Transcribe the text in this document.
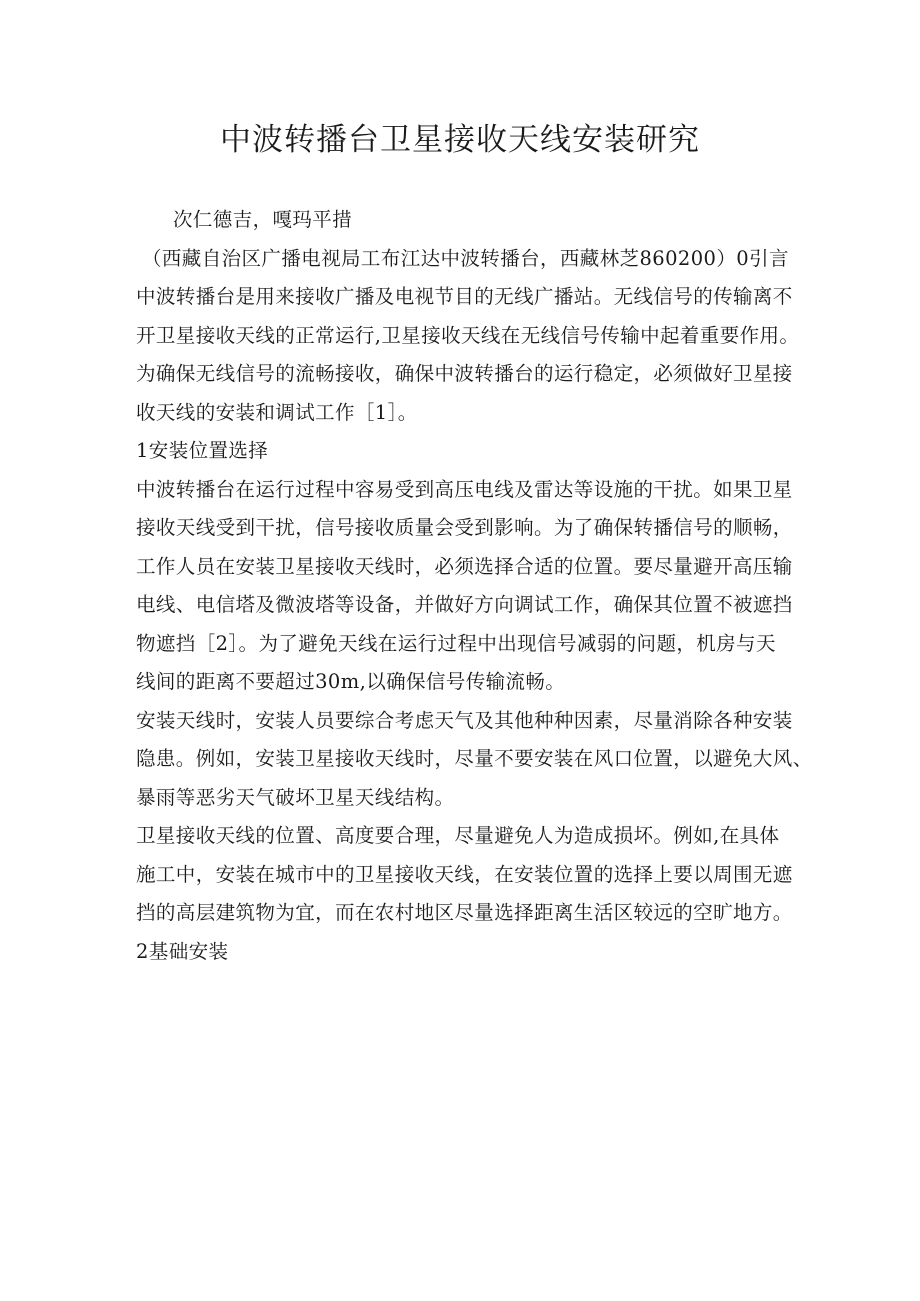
中波转播台卫星接收天线安装研究

次仁德吉，嘎玛平措

（西藏自治区广播电视局工布江达中波转播台，西藏林芝860200）0引言

中波转播台是用来接收广播及电视节目的无线广播站。无线信号的传输离不

开卫星接收天线的正常运行,卫星接收天线在无线信号传输中起着重要作用。

为确保无线信号的流畅接收，确保中波转播台的运行稳定，必须做好卫星接

收天线的安装和调试工作［1］。

1安装位置选择

中波转播台在运行过程中容易受到高压电线及雷达等设施的干扰。如果卫星

接收天线受到干扰，信号接收质量会受到影响。为了确保转播信号的顺畅，

工作人员在安装卫星接收天线时，必须选择合适的位置。要尽量避开高压输

电线、电信塔及微波塔等设备，并做好方向调试工作，确保其位置不被遮挡

物遮挡［2］。为了避免天线在运行过程中出现信号减弱的问题，机房与天

线间的距离不要超过30m,以确保信号传输流畅。

安装天线时，安装人员要综合考虑天气及其他种种因素，尽量消除各种安装

隐患。例如，安装卫星接收天线时，尽量不要安装在风口位置，以避免大风、

暴雨等恶劣天气破坏卫星天线结构。

卫星接收天线的位置、高度要合理，尽量避免人为造成损坏。例如,在具体

施工中，安装在城市中的卫星接收天线，在安装位置的选择上要以周围无遮

挡的高层建筑物为宜，而在农村地区尽量选择距离生活区较远的空旷地方。

2基础安装
